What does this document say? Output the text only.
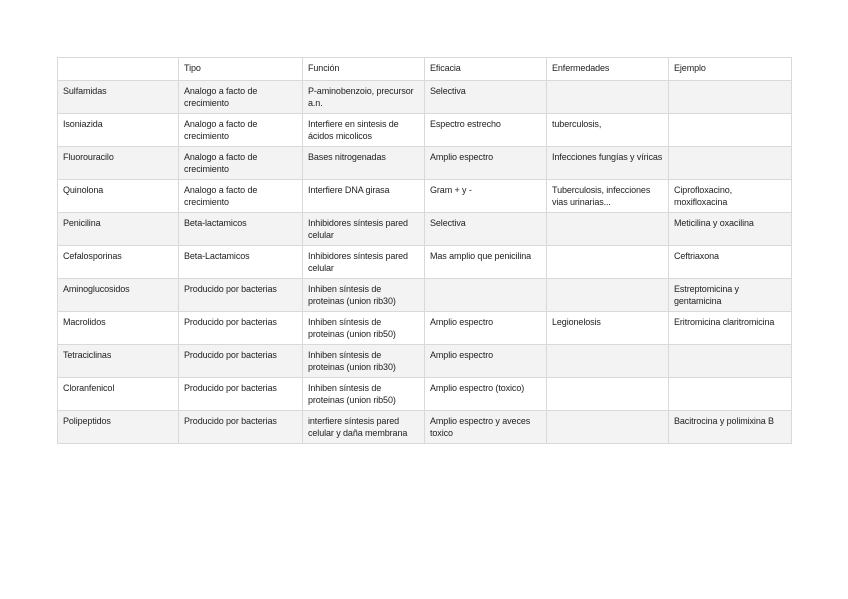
	Tipo	Función	Eficacia	Enfermedades	Ejemplo
Sulfamidas	Analogo a facto de crecimiento	P-aminobenzoio, precursor a.n.	Selectiva		
Isoniazida	Analogo a facto de crecimiento	Interfiere en sintesis de ácidos micolicos	Espectro estrecho	tuberculosis,	
Fluorouracilo	Analogo a facto de crecimiento	Bases nitrogenadas	Amplio espectro	Infecciones fungías y víricas	
Quinolona	Analogo a facto de crecimiento	Interfiere DNA girasa	Gram + y -	Tuberculosis, infecciones vias urinarias...	Ciprofloxacino, moxifloxacina
Penicilina	Beta-lactamicos	Inhibidores síntesis pared celular	Selectiva		Meticilina y oxacilina
Cefalosporinas	Beta-Lactamicos	Inhibidores síntesis pared celular	Mas amplio que penicilina		Ceftriaxona
Aminoglucosidos	Producido por bacterias	Inhiben síntesis de proteinas (union rib30)			Estreptomicina y gentamicina
Macrolidos	Producido por bacterias	Inhiben síntesis de proteinas (union rib50)	Amplio espectro	Legionelosis	Eritromicina claritromicina
Tetraciclinas	Producido por bacterias	Inhiben síntesis de proteinas (union rib30)	Amplio espectro		
Cloranfenicol	Producido por bacterias	Inhiben síntesis de proteinas (union rib50)	Amplio espectro (toxico)		
Polipeptidos	Producido por bacterias	interfiere síntesis pared celular y daña membrana	Amplio espectro y aveces toxico		Bacitrocina y polimixina B
